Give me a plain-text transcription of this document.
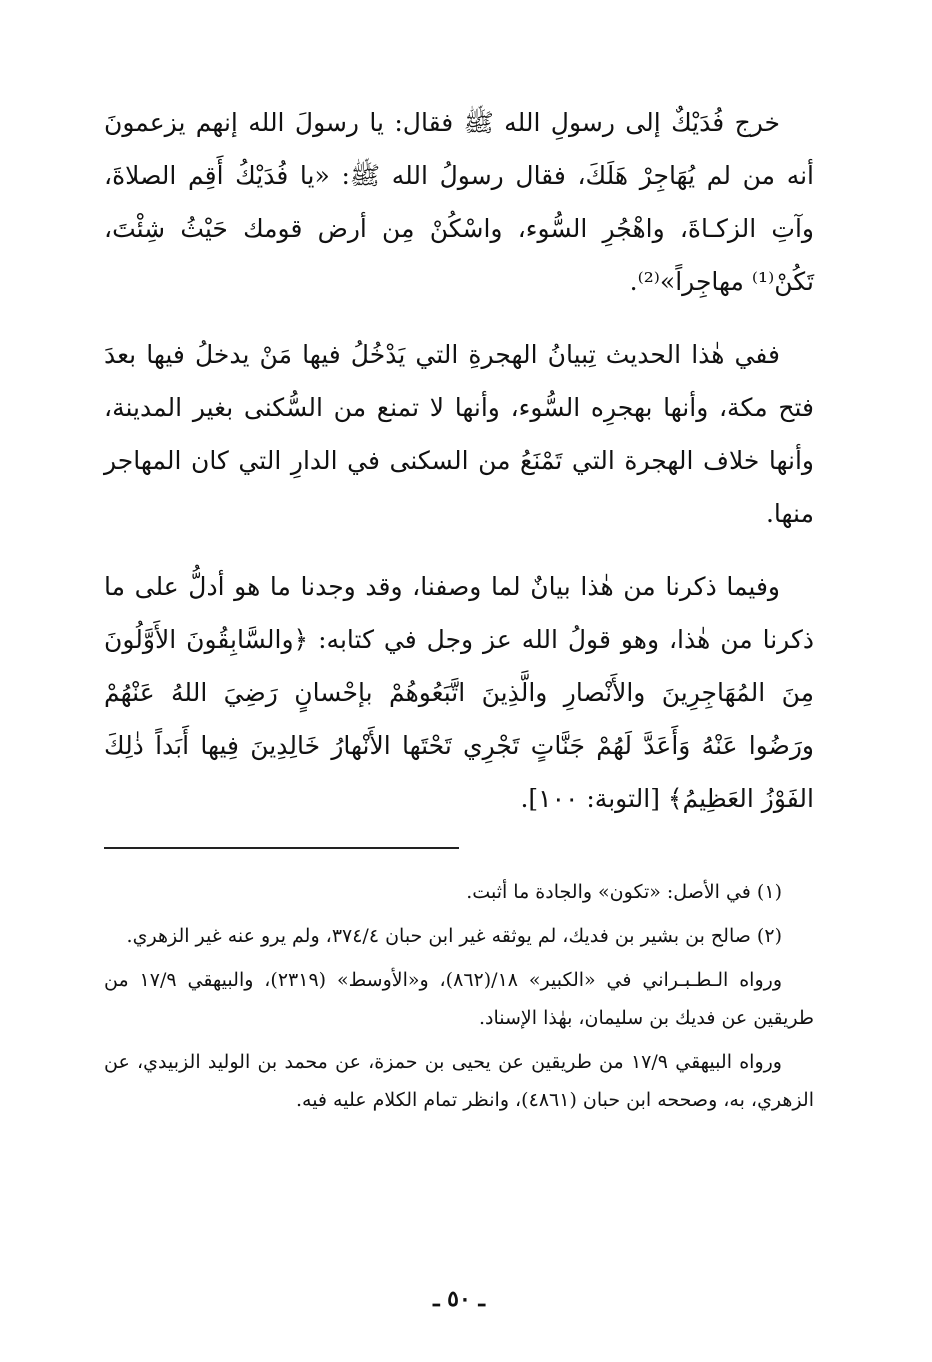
خرج فُدَيْكٌ إلى رسولِ الله ﷺ فقال: يا رسولَ الله إنهم يزعمونَ أنه من لم يُهَاجِرْ هَلَكَ، فقال رسولُ الله ﷺ: «يا فُدَيْكُ أَقِم الصلاةَ، وآتِ الزكـاةَ، واهْجُرِ السُّوء، واسْكُنْ مِن أرض قومك حَيْثُ شِئْتَ، تَكُنْ⁽¹⁾ مهاجِراً»⁽²⁾.

ففي هٰذا الحديث تِبيانُ الهجرةِ التي يَدْخُلُ فيها مَنْ يدخلُ فيها بعدَ فتح مكة، وأنها بهجرِه السُّوء، وأنها لا تمنع من السُّكنى بغير المدينة، وأنها خلاف الهجرة التي تَمْنَعُ من السكنى في الدارِ التي كان المهاجر منها.

وفيما ذكرنا من هٰذا بيانٌ لما وصفنا، وقد وجدنا ما هو أدلُّ على ما ذكرنا من هٰذا، وهو قولُ الله عز وجل في كتابه: ﴿والسَّابِقُونَ الأَوَّلُونَ مِنَ المُهَاجِرِينَ والأَنْصارِ والَّذِينَ اتَّبَعُوهُمْ بإحْسانٍ رَضِيَ اللهُ عَنْهُمْ ورَضُوا عَنْهُ وَأَعَدَّ لَهُمْ جَنَّاتٍ تَجْرِي تَحْتَها الأَنْهارُ خَالِدِينَ فِيها أَبَداً ذٰلِكَ الفَوْزُ العَظِيمُ﴾ [التوبة: ١٠٠].

(١) في الأصل: «تكون» والجادة ما أثبت.

(٢) صالح بن بشير بن فديك، لم يوثقه غير ابن حبان ٣٧٤/٤، ولم يرو عنه غير الزهري.

ورواه الـطـبـراني في «الكبير» ١٨/(٨٦٢)، و«الأوسط» (٢٣١٩)، والبيهقي ١٧/٩ من طريقين عن فديك بن سليمان، بهٰذا الإسناد.

ورواه البيهقي ١٧/٩ من طريقين عن يحيى بن حمزة، عن محمد بن الوليد الزبيدي، عن الزهري، به، وصححه ابن حبان (٤٨٦١)، وانظر تمام الكلام عليه فيه.

ـ ٥٠ ـ
